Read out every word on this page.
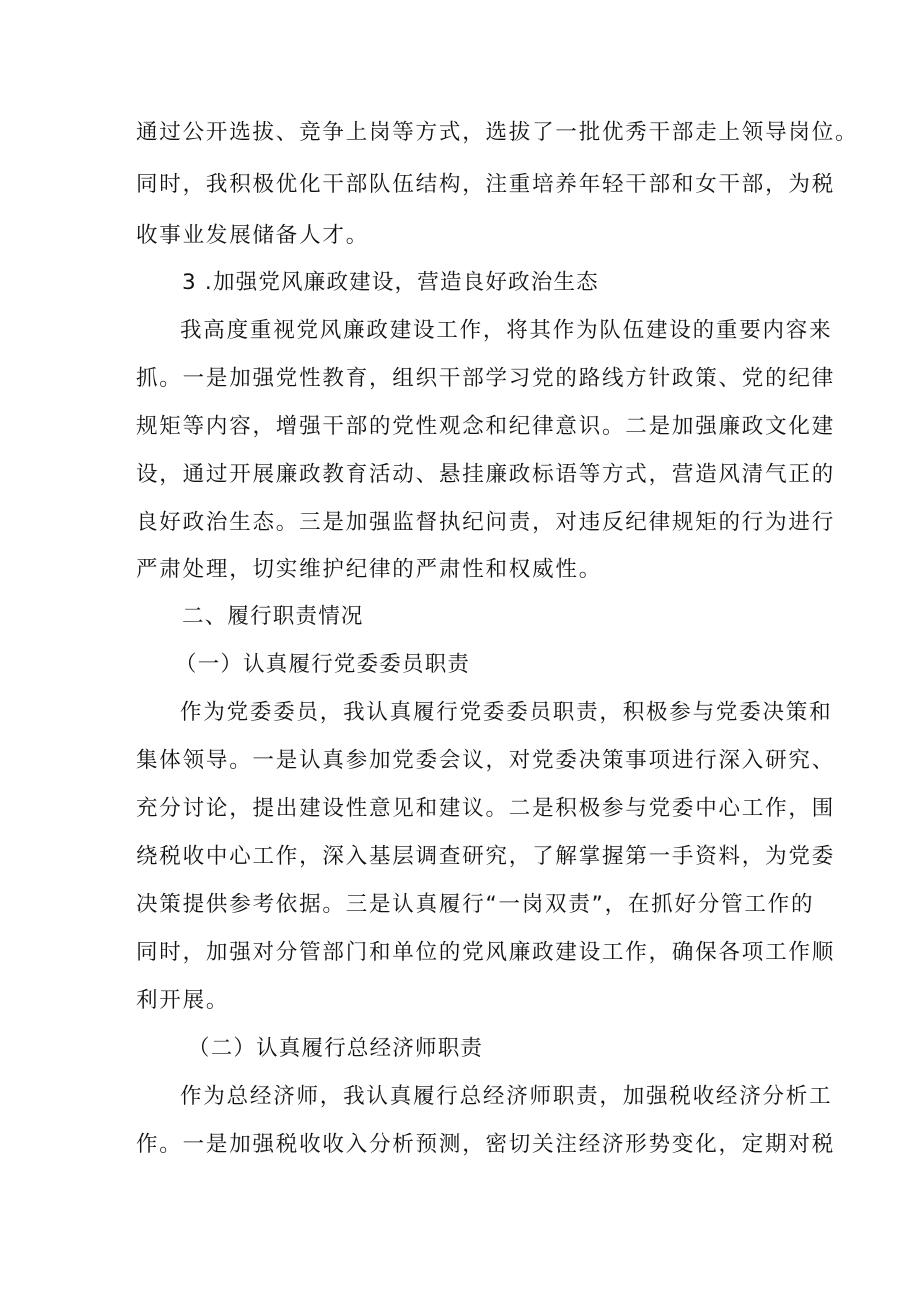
通过公开选拔、竞争上岗等方式，选拔了一批优秀干部走上领导岗位。
同时，我积极优化干部队伍结构，注重培养年轻干部和女干部，为税
收事业发展储备人才。
3 .加强党风廉政建设，营造良好政治生态
我高度重视党风廉政建设工作，将其作为队伍建设的重要内容来
抓。一是加强党性教育，组织干部学习党的路线方针政策、党的纪律
规矩等内容，增强干部的党性观念和纪律意识。二是加强廉政文化建
设，通过开展廉政教育活动、悬挂廉政标语等方式，营造风清气正的
良好政治生态。三是加强监督执纪问责，对违反纪律规矩的行为进行
严肃处理，切实维护纪律的严肃性和权威性。
二、履行职责情况
（一）认真履行党委委员职责
作为党委委员，我认真履行党委委员职责，积极参与党委决策和
集体领导。一是认真参加党委会议，对党委决策事项进行深入研究、
充分讨论，提出建设性意见和建议。二是积极参与党委中心工作，围
绕税收中心工作，深入基层调查研究，了解掌握第一手资料，为党委
决策提供参考依据。三是认真履行“一岗双责”，在抓好分管工作的
同时，加强对分管部门和单位的党风廉政建设工作，确保各项工作顺
利开展。
（二）认真履行总经济师职责
作为总经济师，我认真履行总经济师职责，加强税收经济分析工
作。一是加强税收收入分析预测，密切关注经济形势变化，定期对税
